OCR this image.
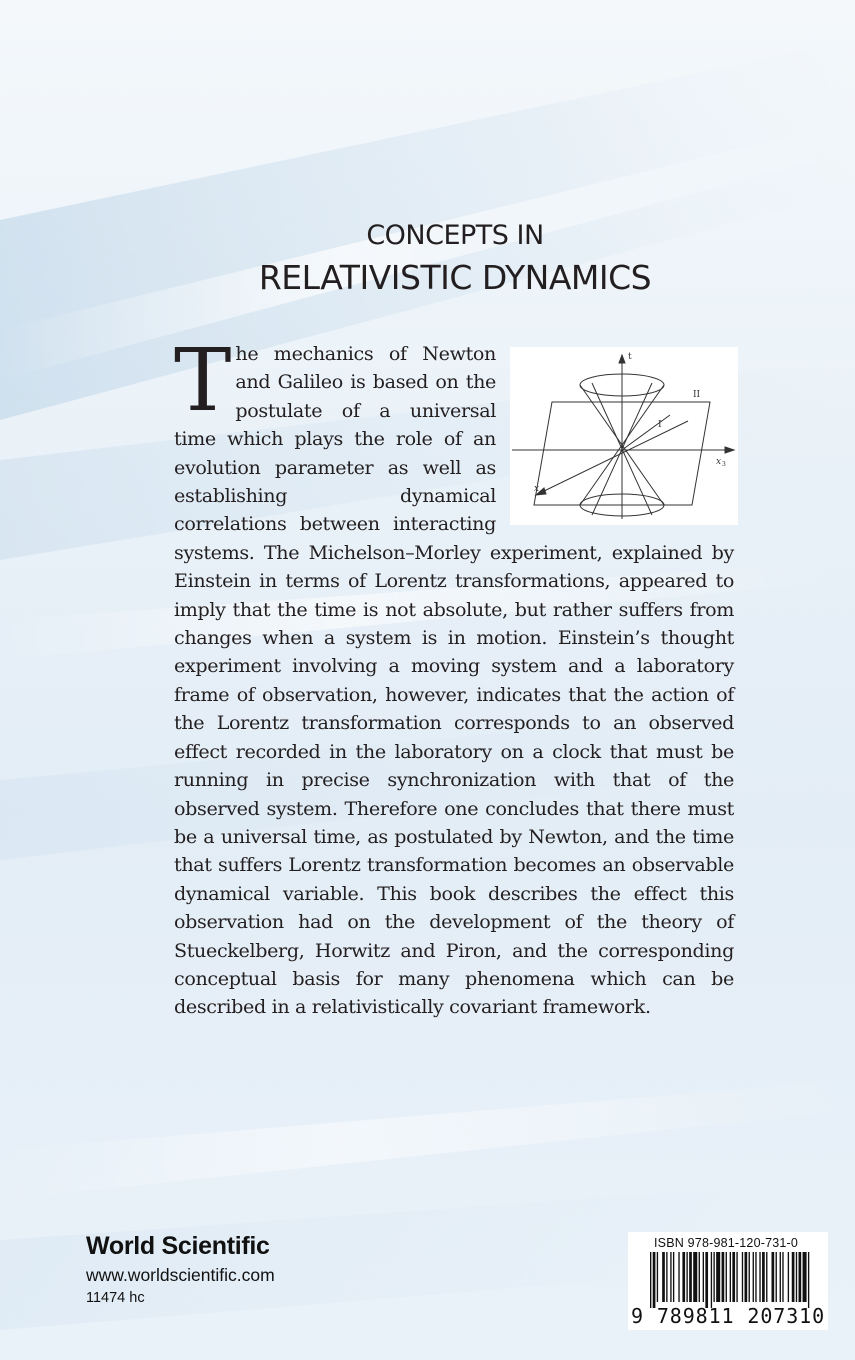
CONCEPTS IN
RELATIVISTIC DYNAMICS
t
II
I
x 3
x
The mechanics of Newton and Galileo is based on the postulate of a universal time which plays the role of an evolution parameter as well as establishing dynamical correlations between interacting systems. The Michelson–Morley experiment, explained by Einstein in terms of Lorentz transformations, appeared to imply that the time is not absolute, but rather suffers from changes when a system is in motion. Einstein’s thought experiment involving a moving system and a laboratory frame of observation, however, indicates that the action of the Lorentz transformation corresponds to an observed effect recorded in the laboratory on a clock that must be running in precise synchronization with that of the observed system. Therefore one concludes that there must be a universal time, as postulated by Newton, and the time that suffers Lorentz transformation becomes an observable dynamical variable. This book describes the effect this observation had on the development of the theory of Stueckelberg, Horwitz and Piron, and the corresponding conceptual basis for many phenomena which can be described in a relativistically covariant framework.
World Scientific
www.worldscientific.com
11474 hc
ISBN 978-981-120-731-0
9 789811 207310
